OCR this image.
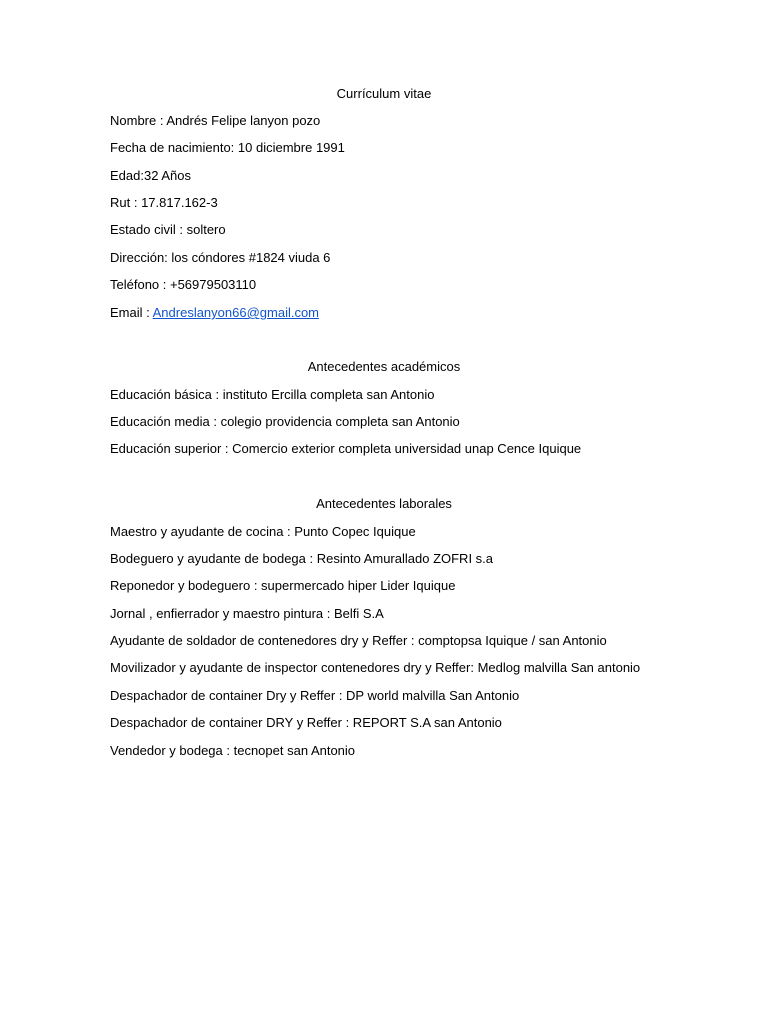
Currículum vitae
Nombre : Andrés Felipe lanyon pozo
Fecha de nacimiento: 10 diciembre 1991
Edad:32 Años
Rut : 17.817.162-3
Estado civil : soltero
Dirección: los cóndores #1824 viuda 6
Teléfono : +56979503110
Email : Andreslanyon66@gmail.com
Antecedentes académicos
Educación básica : instituto Ercilla completa san Antonio
Educación media : colegio providencia completa san Antonio
Educación superior : Comercio exterior completa universidad unap Cence Iquique
Antecedentes laborales
Maestro y ayudante de cocina : Punto Copec Iquique
Bodeguero y ayudante de bodega : Resinto Amurallado ZOFRI s.a
Reponedor y bodeguero : supermercado hiper Lider Iquique
Jornal , enfierrador y maestro pintura : Belfi S.A
Ayudante de soldador de contenedores dry y Reffer : comptopsa Iquique / san Antonio
Movilizador y ayudante de inspector contenedores dry y Reffer: Medlog malvilla San antonio
Despachador de container Dry y Reffer : DP world malvilla San Antonio
Despachador de container DRY y Reffer : REPORT S.A san Antonio
Vendedor y bodega : tecnopet san Antonio
